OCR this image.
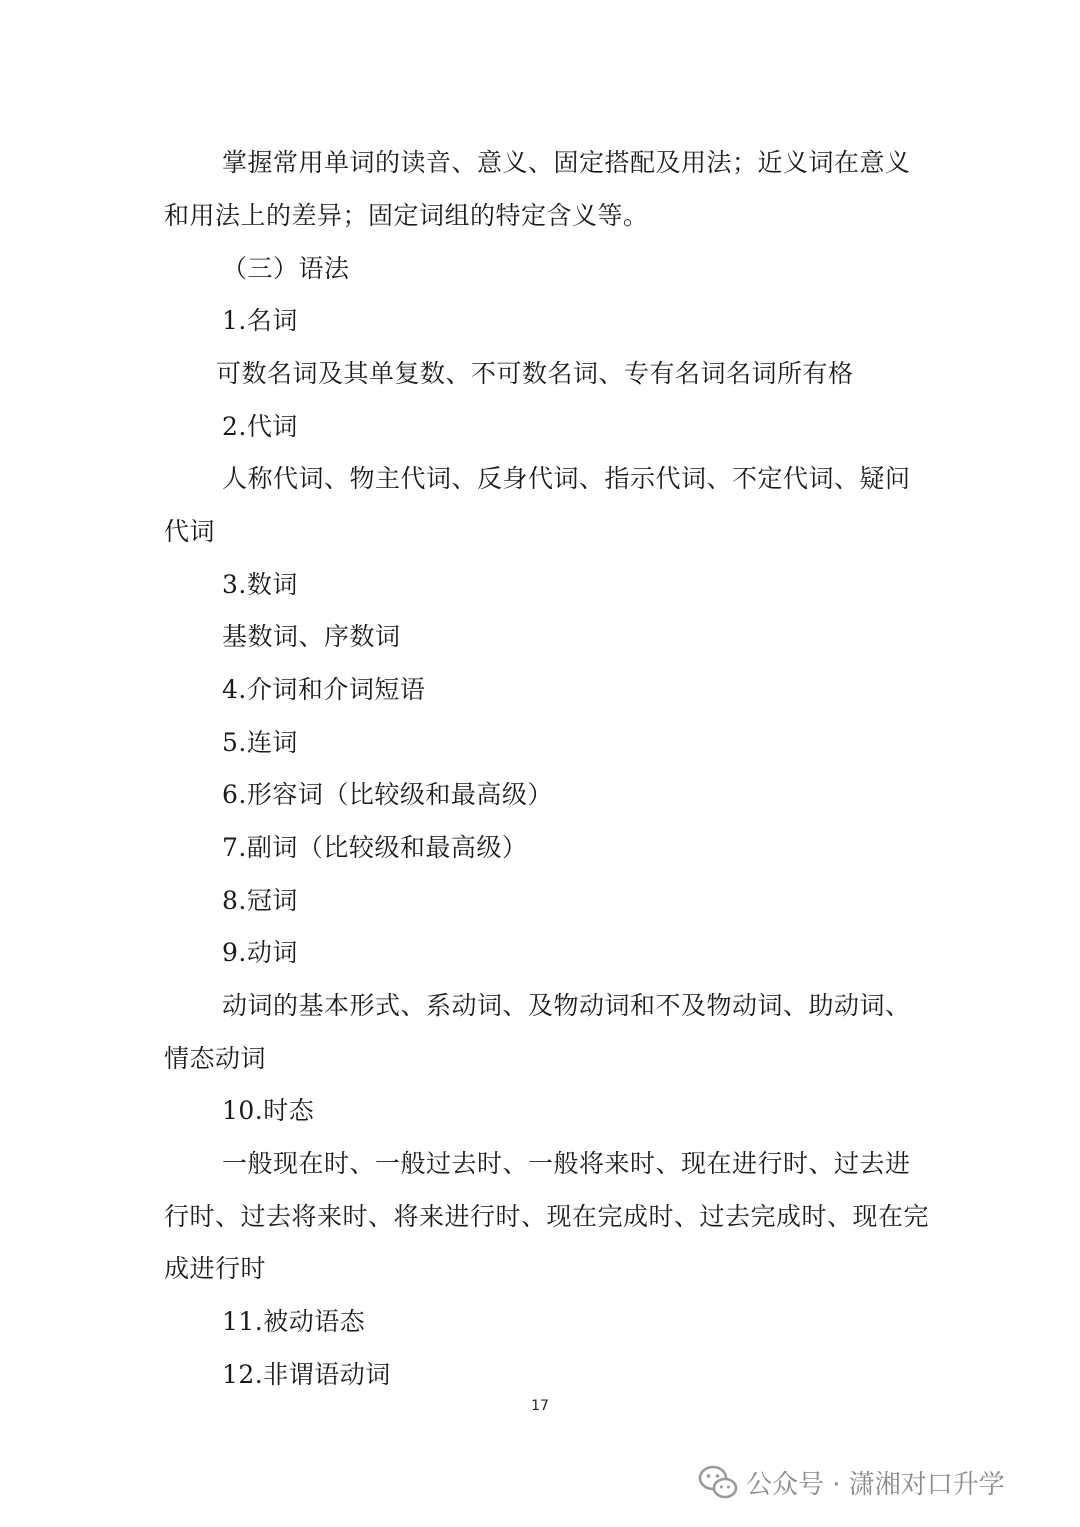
掌握常用单词的读音、意义、固定搭配及用法；近义词在意义
和用法上的差异；固定词组的特定含义等。
（三）语法
1.名词
可数名词及其单复数、不可数名词、专有名词名词所有格
2.代词
人称代词、物主代词、反身代词、指示代词、不定代词、疑问
代词
3.数词
基数词、序数词
4.介词和介词短语
5.连词
6.形容词（比较级和最高级）
7.副词（比较级和最高级）
8.冠词
9.动词
动词的基本形式、系动词、及物动词和不及物动词、助动词、
情态动词
10.时态
一般现在时、一般过去时、一般将来时、现在进行时、过去进
行时、过去将来时、将来进行时、现在完成时、过去完成时、现在完
成进行时
11.被动语态
12.非谓语动词
17
公众号 · 潇湘对口升学
